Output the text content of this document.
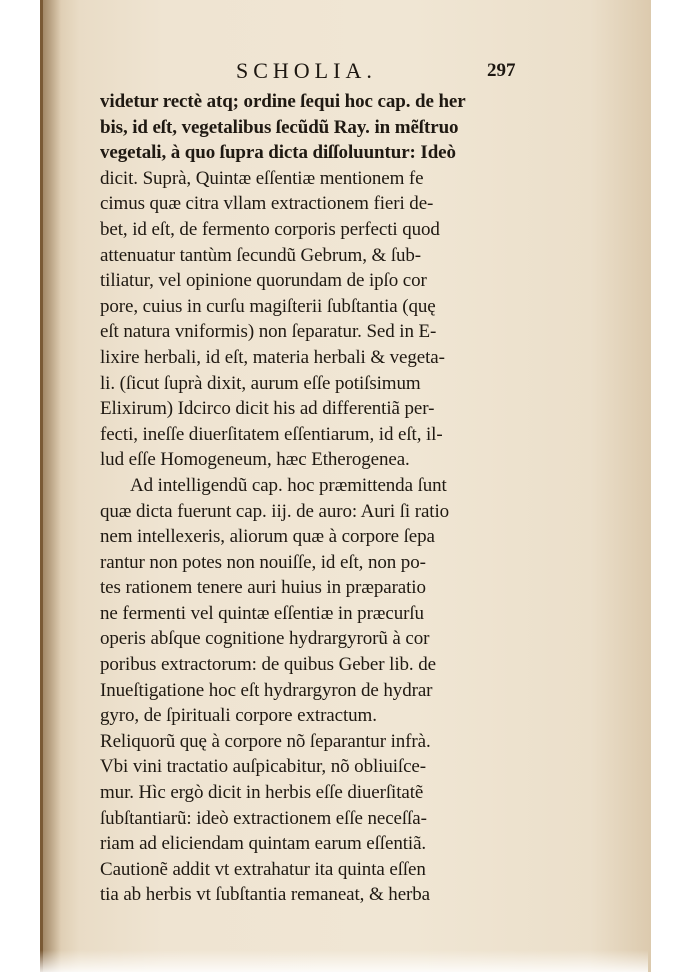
SCHOLIA.	297
videtur rectè atq; ordine ſequi hoc cap. de her
bis, id eſt, vegetalibus ſecũdũ Ray. in mẽſtruo
vegetali, à quo ſupra dicta diſſoluuntur: Ideò
dicit. Suprà, Quintæ eſſentiæ mentionem fe
cimus quæ citra vllam extractionem fieri de-
bet, id eſt, de fermento corporis perfecti quod
attenuatur tantùm ſecundũ Gebrum, & ſub-
tiliatur, vel opinione quorundam de ipſo cor
pore, cuius in curſu magiſterii ſubſtantia (quę
eſt natura vniformis) non ſeparatur. Sed in E-
lixire herbali, id eſt, materia herbali & vegeta-
li. (ſicut ſuprà dixit, aurum eſſe potiſsimum
Elixirum) Idcirco dicit his ad differentiã per-
fecti, ineſſe diuerſitatem eſſentiarum, id eſt, il-
lud eſſe Homogeneum, hæc Etherogenea.
Ad intelligendũ cap. hoc præmittenda ſunt
quæ dicta fuerunt cap. iij. de auro: Auri ſi ratio
nem intellexeris, aliorum quæ à corpore ſepa
rantur non potes non nouiſſe, id eſt, non po-
tes rationem tenere auri huius in præparatio
ne fermenti vel quintæ eſſentiæ in præcurſu
operis abſque cognitione hydrargyrorũ à cor
poribus extractorum: de quibus Geber lib. de
Inueſtigatione hoc eſt hydrargyron de hydrar
gyro, de ſpirituali corpore extractum.
Reliquorũ quę à corpore nõ ſeparantur infrà.
Vbi vini tractatio auſpicabitur, nõ obliuiſce-
mur. Hìc ergò dicit in herbis eſſe diuerſitatẽ
ſubſtantiarũ: ideò extractionem eſſe neceſſa-
riam ad eliciendam quintam earum eſſentiã.
Cautionẽ addit vt extrahatur ita quinta eſſen
tia ab herbis vt ſubſtantia remaneat, & herba
